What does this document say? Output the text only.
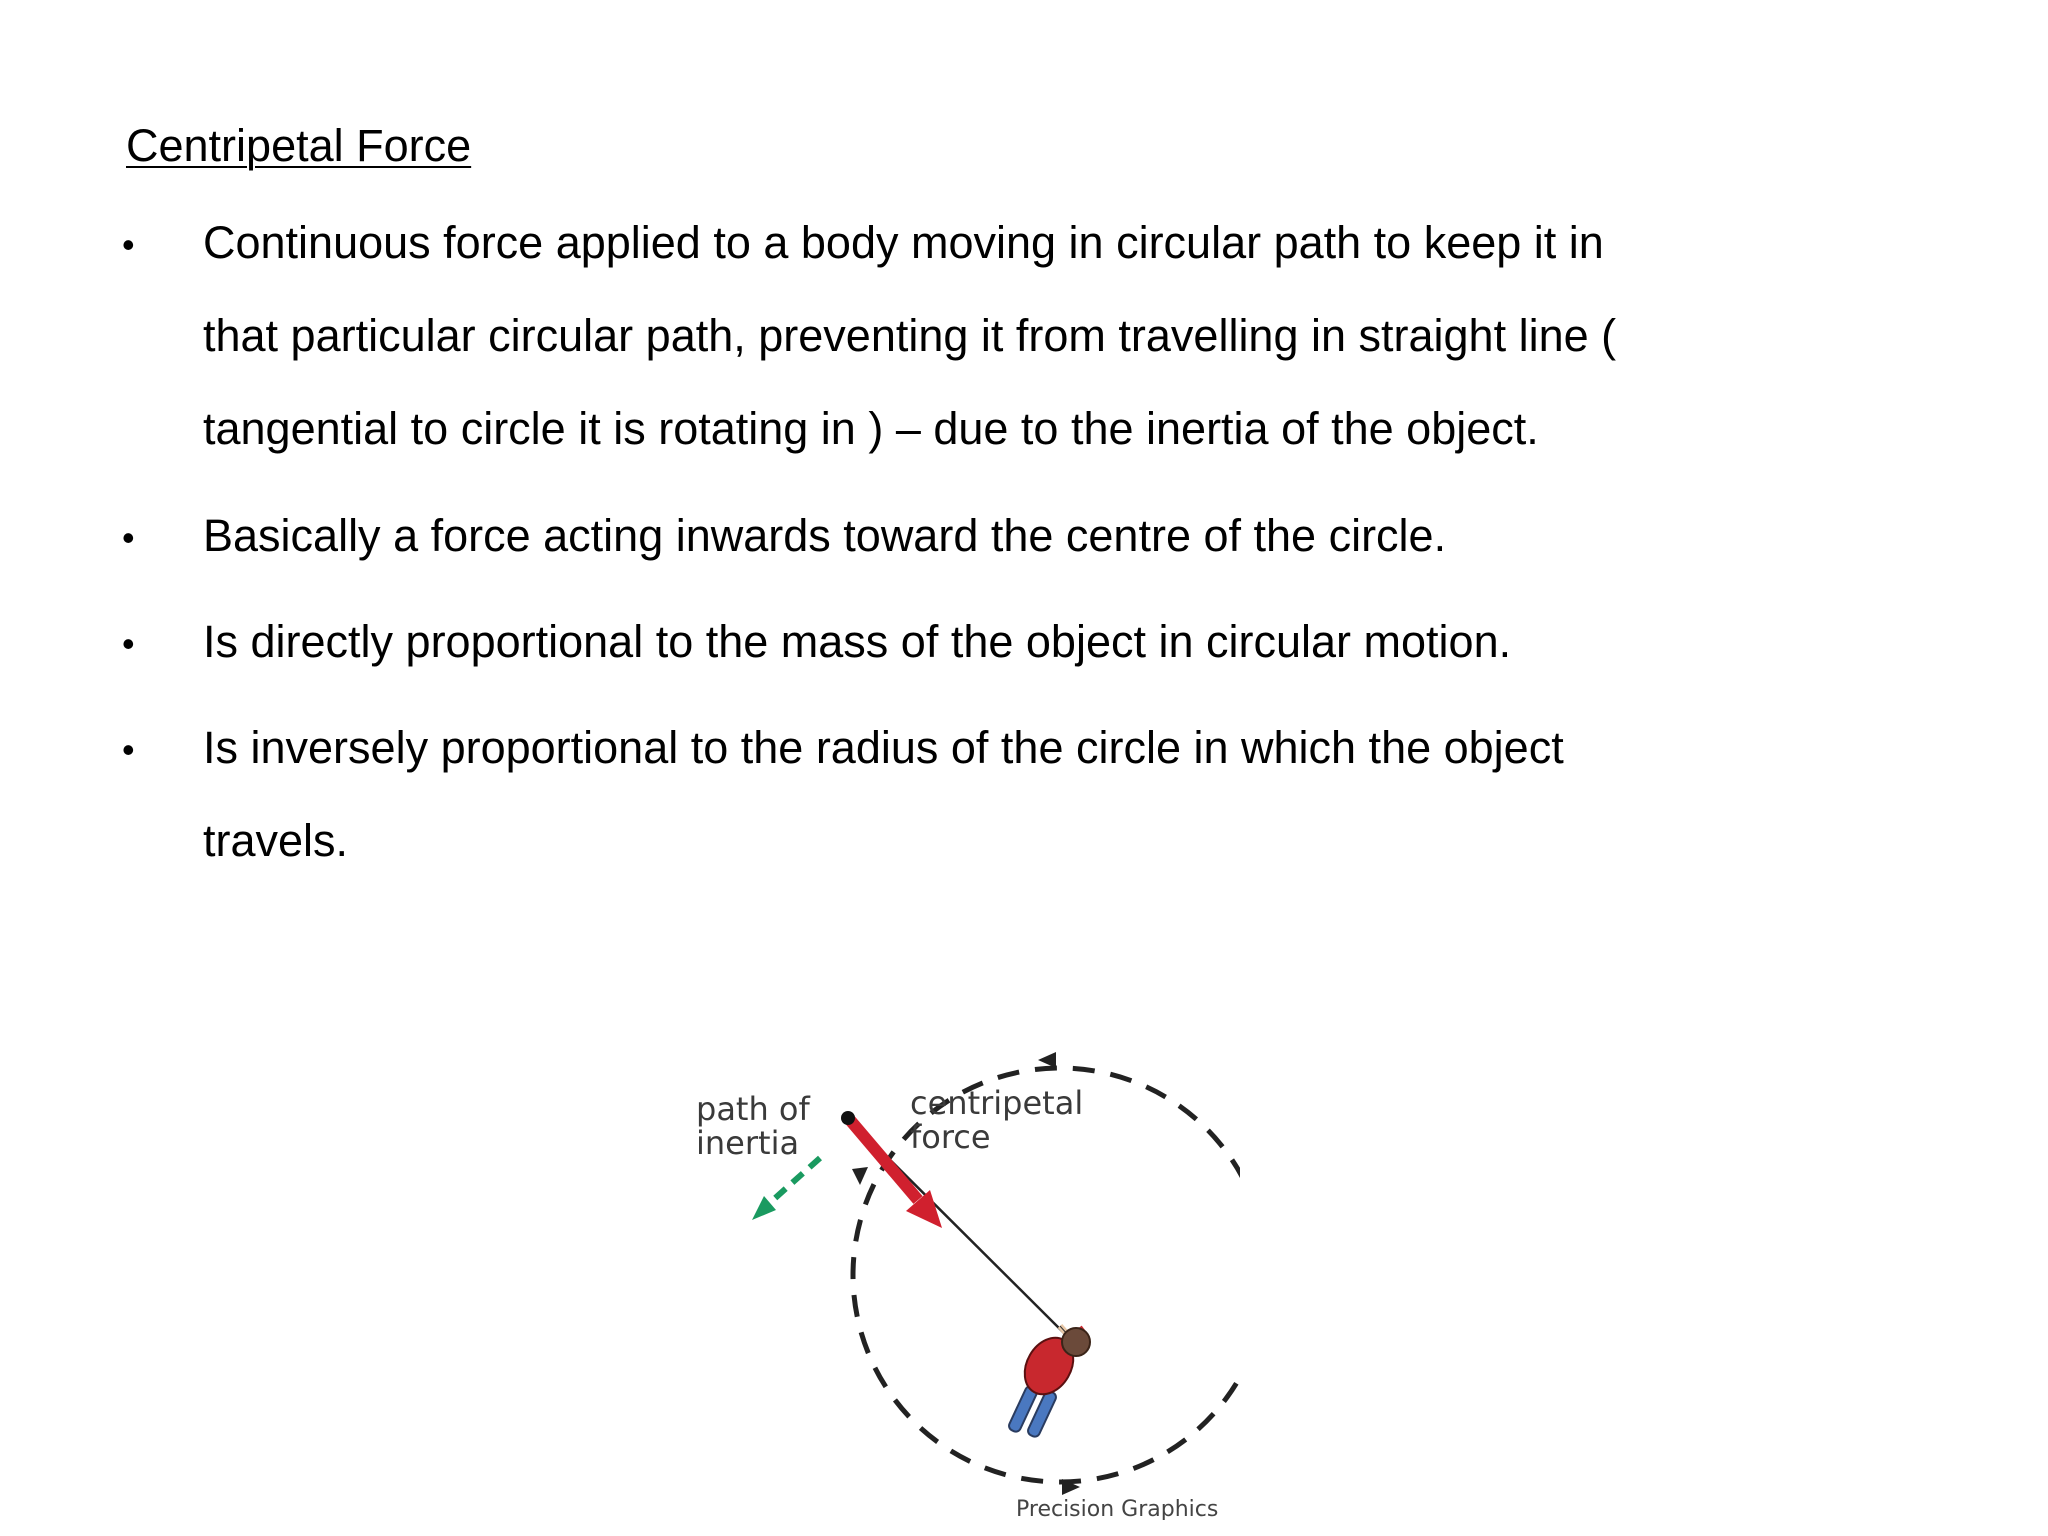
Centripetal Force
• Continuous force applied to a body moving in circular path to keep it in
that particular circular path, preventing it from travelling in straight line (
tangential to circle it is rotating in ) – due to the inertia of the object.
• Basically a force acting inwards toward the centre of the circle.
• Is directly proportional to the mass of the object in circular motion.
• Is inversely proportional to the radius of the circle in which the object
travels.
path of
inertia
centripetal
force
Precision Graphics
